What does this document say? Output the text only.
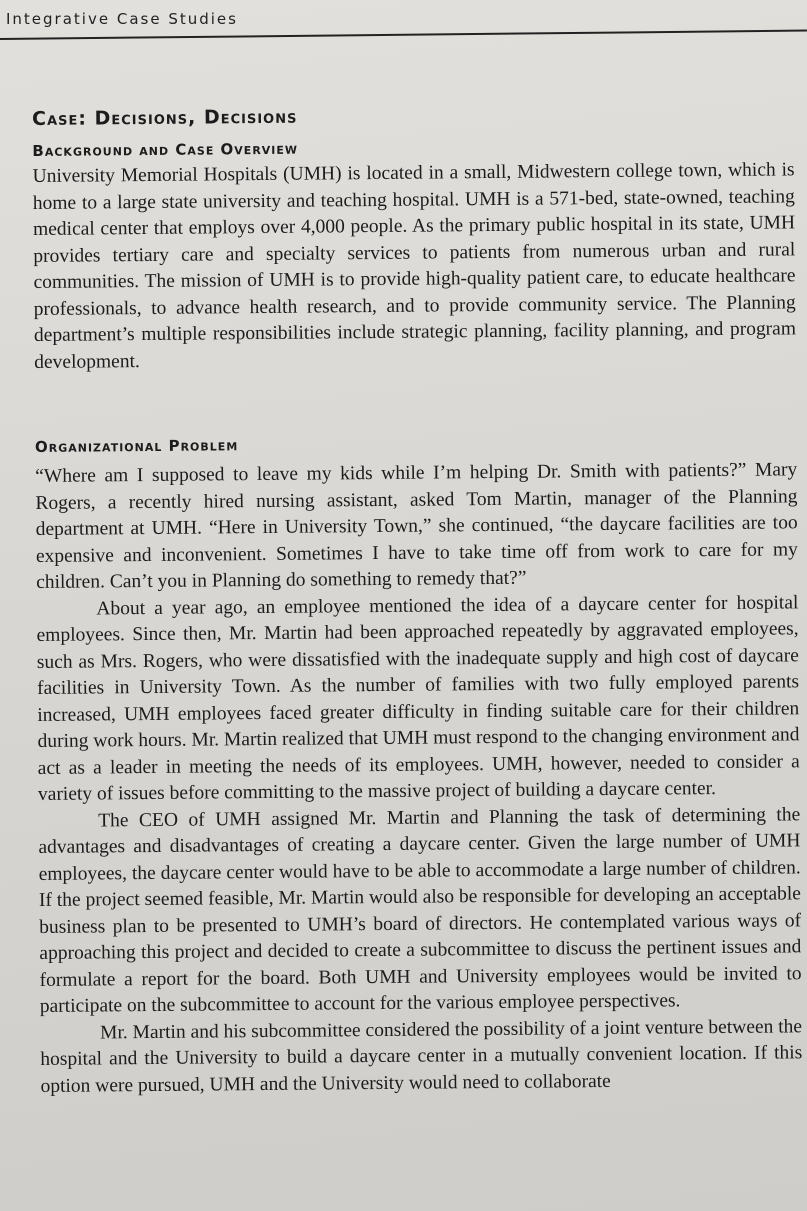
Integrative Case Studies
Case: Decisions, Decisions
Background and Case Overview

University Memorial Hospitals (UMH) is located in a small, Midwestern college town, which is home to a large state university and teaching hospital. UMH is a 571-bed, state-owned, teaching medical center that employs over 4,000 people. As the primary public hospital in its state, UMH provides tertiary care and specialty services to patients from numerous urban and rural communities. The mission of UMH is to provide high-quality patient care, to educate healthcare professionals, to advance health research, and to provide community service. The Planning department’s multiple responsibilities include strategic planning, facility planning, and program development.

Organizational Problem

“Where am I supposed to leave my kids while I’m helping Dr. Smith with patients?” Mary Rogers, a recently hired nursing assistant, asked Tom Martin, manager of the Planning department at UMH. “Here in University Town,” she continued, “the daycare facilities are too expensive and inconvenient. Sometimes I have to take time off from work to care for my children. Can’t you in Planning do something to remedy that?”

About a year ago, an employee mentioned the idea of a daycare center for hospital employees. Since then, Mr. Martin had been approached repeatedly by aggravated employees, such as Mrs. Rogers, who were dissatisfied with the inadequate supply and high cost of daycare facilities in University Town. As the number of families with two fully employed parents increased, UMH employees faced greater difficulty in finding suitable care for their children during work hours. Mr. Martin realized that UMH must respond to the changing environment and act as a leader in meeting the needs of its employees. UMH, however, needed to consider a variety of issues before committing to the massive project of building a daycare center.

The CEO of UMH assigned Mr. Martin and Planning the task of determining the advantages and disadvantages of creating a daycare center. Given the large number of UMH employees, the daycare center would have to be able to accommodate a large number of children. If the project seemed feasible, Mr. Martin would also be responsible for developing an acceptable business plan to be presented to UMH’s board of directors. He contemplated various ways of approaching this project and decided to create a subcommittee to discuss the pertinent issues and formulate a report for the board. Both UMH and University employees would be invited to participate on the subcommittee to account for the various employee perspectives.

Mr. Martin and his subcommittee considered the possibility of a joint venture between the hospital and the University to build a daycare center in a mutually convenient location. If this option were pursued, UMH and the University would need to collaborate
